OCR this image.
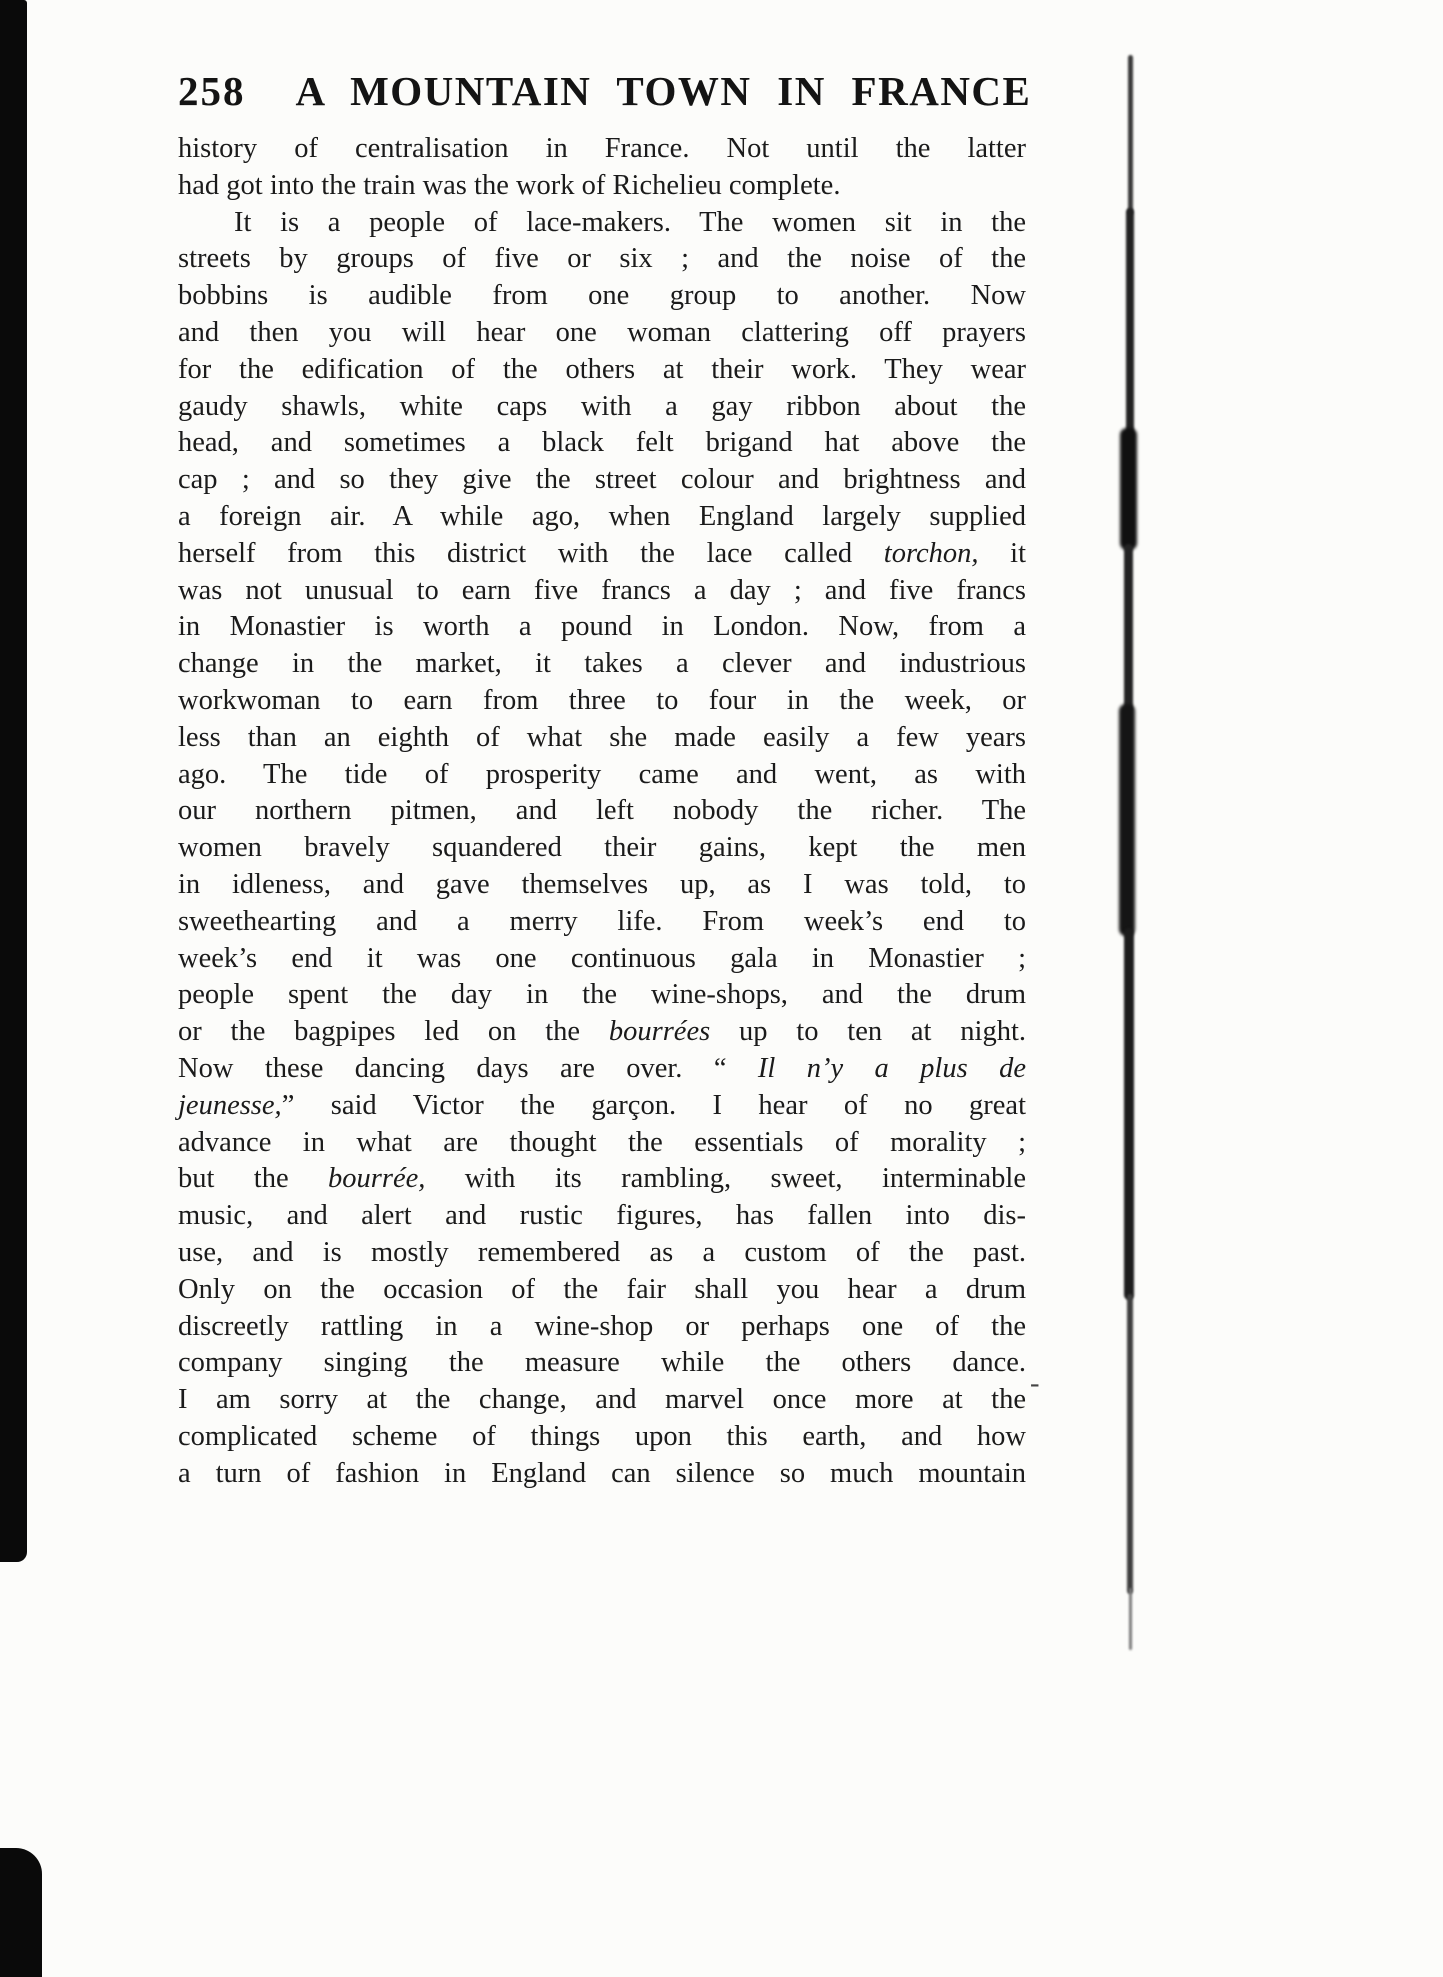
258 A MOUNTAIN TOWN IN FRANCE
history of centralisation in France. Not until the latter
had got into the train was the work of Richelieu complete.
It is a people of lace-makers. The women sit in the
streets by groups of five or six ; and the noise of the
bobbins is audible from one group to another. Now
and then you will hear one woman clattering off prayers
for the edification of the others at their work. They wear
gaudy shawls, white caps with a gay ribbon about the
head, and sometimes a black felt brigand hat above the
cap ; and so they give the street colour and brightness and
a foreign air. A while ago, when England largely supplied
herself from this district with the lace called torchon, it
was not unusual to earn five francs a day ; and five francs
in Monastier is worth a pound in London. Now, from a
change in the market, it takes a clever and industrious
workwoman to earn from three to four in the week, or
less than an eighth of what she made easily a few years
ago. The tide of prosperity came and went, as with
our northern pitmen, and left nobody the richer. The
women bravely squandered their gains, kept the men
in idleness, and gave themselves up, as I was told, to
sweethearting and a merry life. From week’s end to
week’s end it was one continuous gala in Monastier ;
people spent the day in the wine-shops, and the drum
or the bagpipes led on the bourrées up to ten at night.
Now these dancing days are over. “ Il n’y a plus de
jeunesse,” said Victor the garçon. I hear of no great
advance in what are thought the essentials of morality ;
but the bourrée, with its rambling, sweet, interminable
music, and alert and rustic figures, has fallen into dis-
use, and is mostly remembered as a custom of the past.
Only on the occasion of the fair shall you hear a drum
discreetly rattling in a wine-shop or perhaps one of the
company singing the measure while the others dance.
I am sorry at the change, and marvel once more at the
complicated scheme of things upon this earth, and how
a turn of fashion in England can silence so much mountain
-
